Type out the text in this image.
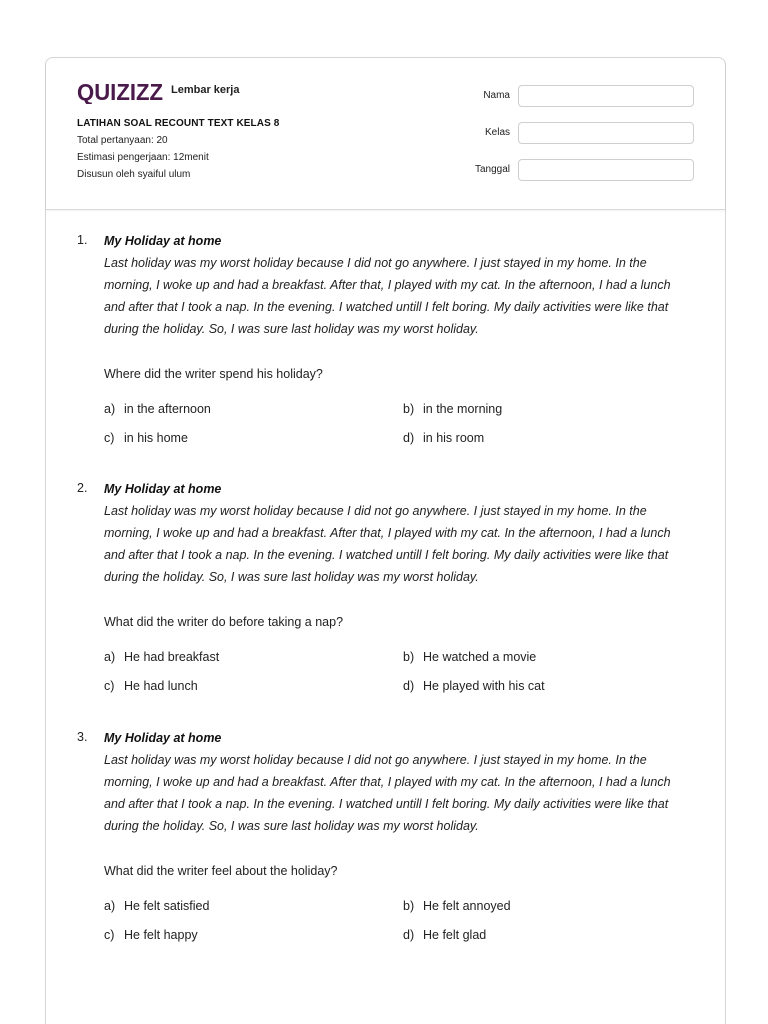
QUIZIZZ Lembar kerja
LATIHAN SOAL RECOUNT TEXT KELAS 8
Total pertanyaan: 20
Estimasi pengerjaan: 12menit
Disusun oleh syaiful ulum
Nama
Kelas
Tanggal
1. My Holiday at home
Last holiday was my worst holiday because I did not go anywhere. I just stayed in my home. In the morning, I woke up and had a breakfast. After that, I played with my cat. In the afternoon, I had a lunch and after that I took a nap. In the evening. I watched untill I felt boring. My daily activities were like that during the holiday. So, I was sure last holiday was my worst holiday.
Where did the writer spend his holiday?
a) in the afternoon	b) in the morning
c) in his home	d) in his room
2. My Holiday at home
Last holiday was my worst holiday because I did not go anywhere. I just stayed in my home. In the morning, I woke up and had a breakfast. After that, I played with my cat. In the afternoon, I had a lunch and after that I took a nap. In the evening. I watched untill I felt boring. My daily activities were like that during the holiday. So, I was sure last holiday was my worst holiday.
What did the writer do before taking a nap?
a) He had breakfast	b) He watched a movie
c) He had lunch	d) He played with his cat
3. My Holiday at home
Last holiday was my worst holiday because I did not go anywhere. I just stayed in my home. In the morning, I woke up and had a breakfast. After that, I played with my cat. In the afternoon, I had a lunch and after that I took a nap. In the evening. I watched untill I felt boring. My daily activities were like that during the holiday. So, I was sure last holiday was my worst holiday.
What did the writer feel about the holiday?
a) He felt satisfied	b) He felt annoyed
c) He felt happy	d) He felt glad
